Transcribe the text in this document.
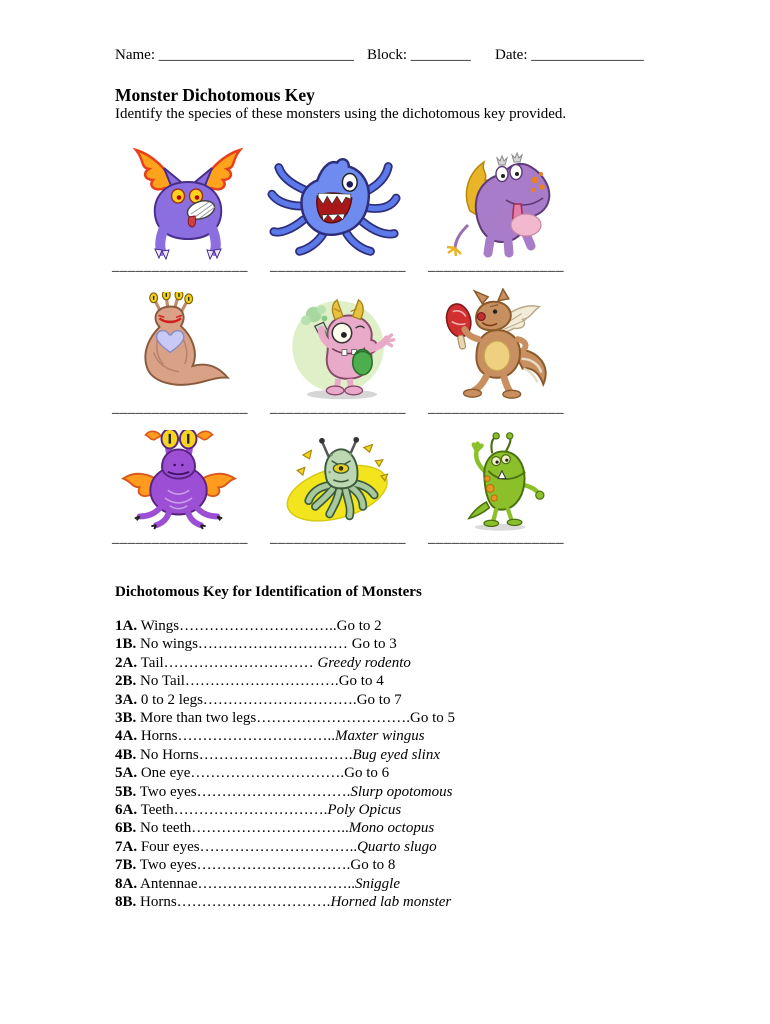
Name: __________________________ Block: ________ Date: _______________
Monster Dichotomous Key
Identify the species of these monsters using the dichotomous key provided.
_________________ _________________ _________________
_________________ _________________ _________________
_________________ _________________ _________________
Dichotomous Key for Identification of Monsters
1A. Wings…………………………..Go to 2
1B. No wings………………………… Go to 3
2A. Tail………………………… Greedy rodento
2B. No Tail………………………….Go to 4
3A. 0 to 2 legs………………………….Go to 7
3B. More than two legs………………………….Go to 5
4A. Horns…………………………..Maxter wingus
4B. No Horns………………………….Bug eyed slinx
5A. One eye………………………….Go to 6
5B. Two eyes………………………….Slurp opotomous
6A. Teeth………………………….Poly Opicus
6B. No teeth…………………………..Mono octopus
7A. Four eyes…………………………..Quarto slugo
7B. Two eyes………………………….Go to 8
8A. Antennae…………………………..Sniggle
8B. Horns………………………….Horned lab monster
